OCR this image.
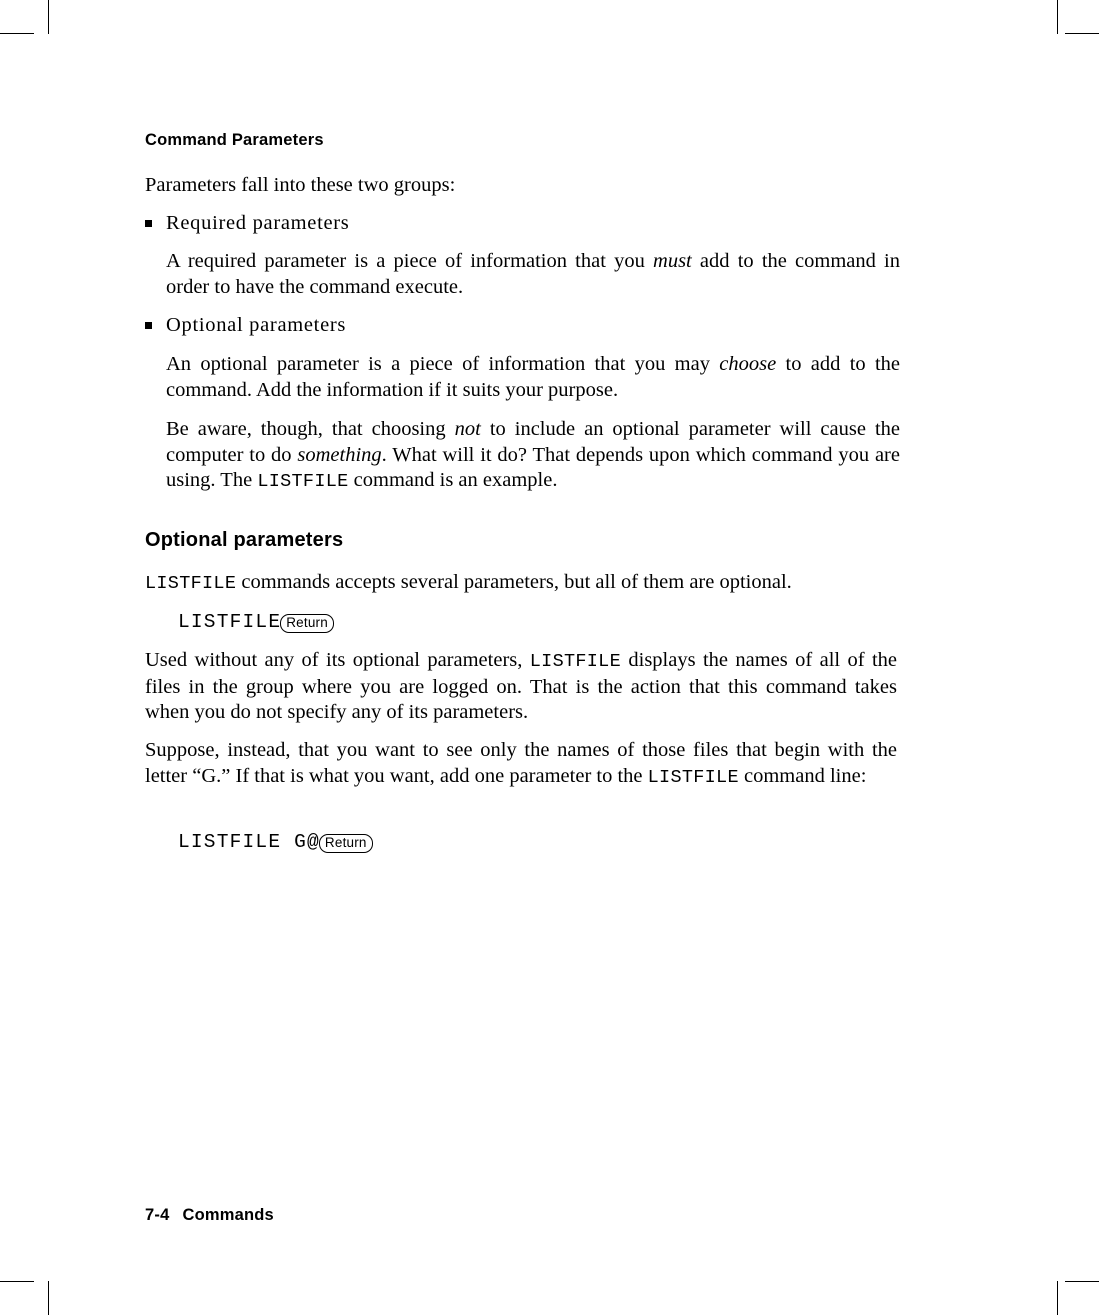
Command Parameters

Parameters fall into these two groups:

Required parameters

A required parameter is a piece of information that you must add to the command in order to have the command execute.

Optional parameters

An optional parameter is a piece of information that you may choose to add to the command. Add the information if it suits your purpose.

Be aware, though, that choosing not to include an optional parameter will cause the computer to do something. What will it do? That depends upon which command you are using. The LISTFILE command is an example.

Optional parameters

LISTFILE commands accepts several parameters, but all of them are optional.

LISTFILE Return

Used without any of its optional parameters, LISTFILE displays the names of all of the files in the group where you are logged on. That is the action that this command takes when you do not specify any of its parameters.

Suppose, instead, that you want to see only the names of those files that begin with the letter “G.” If that is what you want, add one parameter to the LISTFILE command line:

LISTFILE G@ Return
7-4 Commands
